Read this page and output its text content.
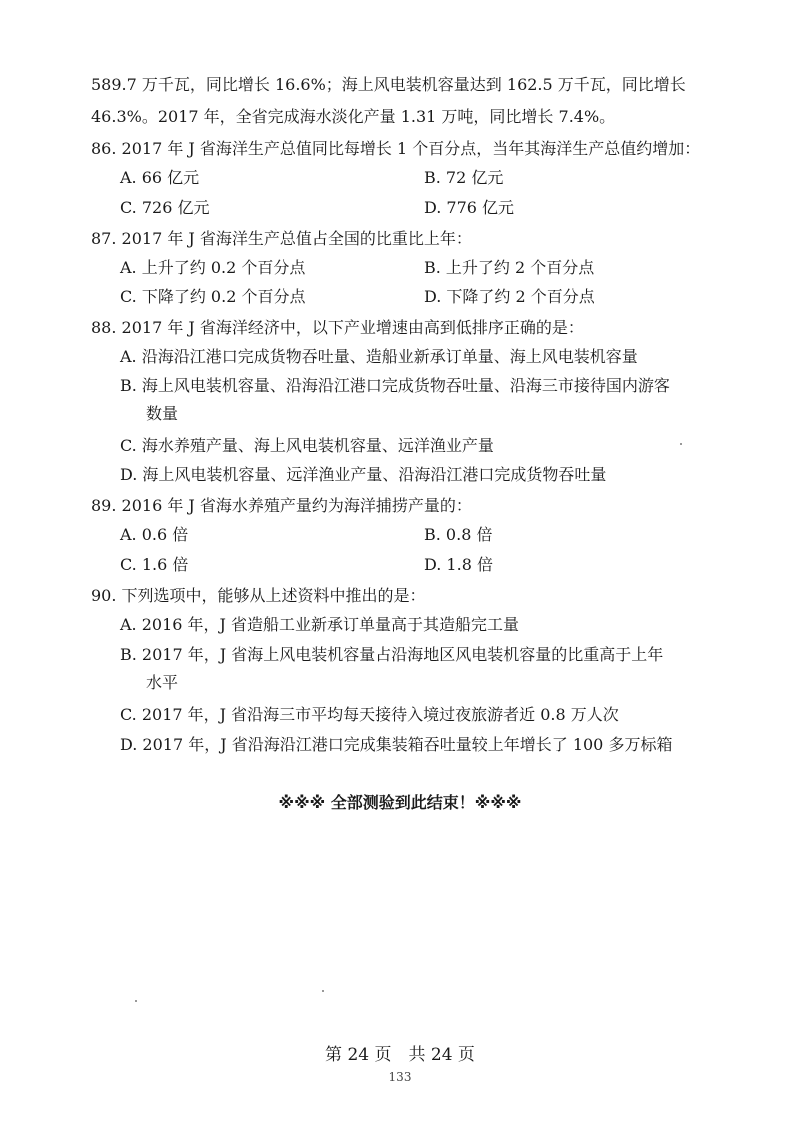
589.7 万千瓦，同比增长 16.6%；海上风电装机容量达到 162.5 万千瓦，同比增长
46.3%。2017 年，全省完成海水淡化产量 1.31 万吨，同比增长 7.4%。
86. 2017 年 J 省海洋生产总值同比每增长 1 个百分点，当年其海洋生产总值约增加：
A. 66 亿元	B. 72 亿元
C. 726 亿元	D. 776 亿元
87. 2017 年 J 省海洋生产总值占全国的比重比上年：
A. 上升了约 0.2 个百分点	B. 上升了约 2 个百分点
C. 下降了约 0.2 个百分点	D. 下降了约 2 个百分点
88. 2017 年 J 省海洋经济中，以下产业增速由高到低排序正确的是：
A. 沿海沿江港口完成货物吞吐量、造船业新承订单量、海上风电装机容量
B. 海上风电装机容量、沿海沿江港口完成货物吞吐量、沿海三市接待国内游客
数量
C. 海水养殖产量、海上风电装机容量、远洋渔业产量
D. 海上风电装机容量、远洋渔业产量、沿海沿江港口完成货物吞吐量
89. 2016 年 J 省海水养殖产量约为海洋捕捞产量的：
A. 0.6 倍	B. 0.8 倍
C. 1.6 倍	D. 1.8 倍
90. 下列选项中，能够从上述资料中推出的是：
A. 2016 年，J 省造船工业新承订单量高于其造船完工量
B. 2017 年，J 省海上风电装机容量占沿海地区风电装机容量的比重高于上年
水平
C. 2017 年，J 省沿海三市平均每天接待入境过夜旅游者近 0.8 万人次
D. 2017 年，J 省沿海沿江港口完成集装箱吞吐量较上年增长了 100 多万标箱
※※※ 全部测验到此结束！※※※
第 24 页　共 24 页
133
